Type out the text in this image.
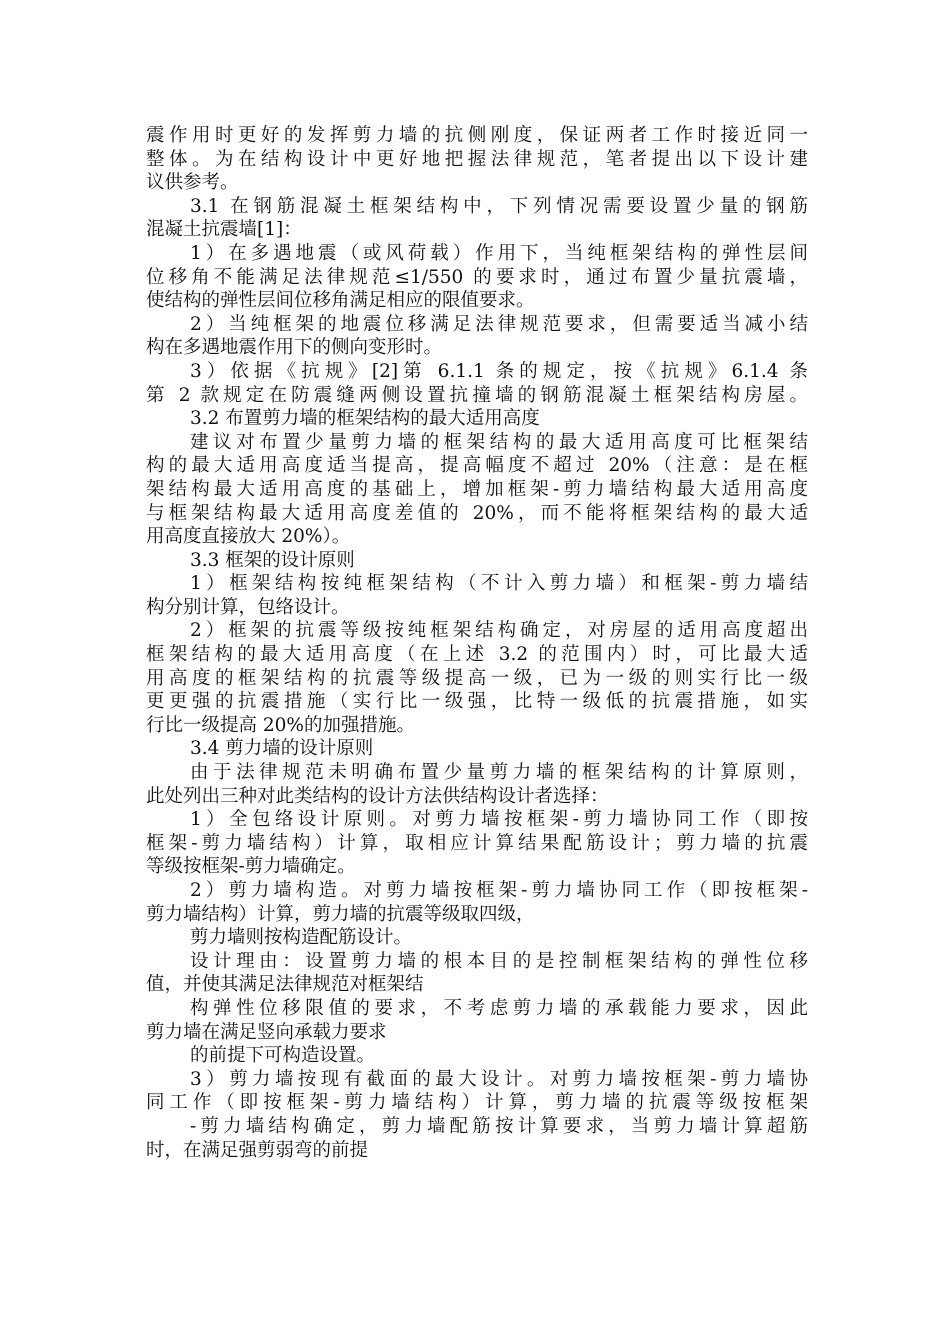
震作用时更好的发挥剪力墙的抗侧刚度，保证两者工作时接近同一
整体。为在结构设计中更好地把握法律规范，笔者提出以下设计建
议供参考。
3.1 在钢筋混凝土框架结构中，下列情况需要设置少量的钢筋
混凝土抗震墙[1]：
1）在多遇地震（或风荷载）作用下，当纯框架结构的弹性层间
位移角不能满足法律规范≤1/550 的要求时，通过布置少量抗震墙，
使结构的弹性层间位移角满足相应的限值要求。
2）当纯框架的地震位移满足法律规范要求，但需要适当减小结
构在多遇地震作用下的侧向变形时。
3）依据《抗规》[2]第 6.1.1 条的规定，按《抗规》6.1.4 条
第 2 款规定在防震缝两侧设置抗撞墙的钢筋混凝土框架结构房屋。
3.2 布置剪力墙的框架结构的最大适用高度
建议对布置少量剪力墙的框架结构的最大适用高度可比框架结
构的最大适用高度适当提高，提高幅度不超过 20%（注意：是在框
架结构最大适用高度的基础上，增加框架-剪力墙结构最大适用高度
与框架结构最大适用高度差值的 20%，而不能将框架结构的最大适
用高度直接放大 20%）。
3.3 框架的设计原则
1）框架结构按纯框架结构（不计入剪力墙）和框架-剪力墙结
构分别计算，包络设计。
2）框架的抗震等级按纯框架结构确定，对房屋的适用高度超出
框架结构的最大适用高度（在上述 3.2 的范围内）时，可比最大适
用高度的框架结构的抗震等级提高一级，已为一级的则实行比一级
更更强的抗震措施（实行比一级强，比特一级低的抗震措施，如实
行比一级提高 20%的加强措施。
3.4 剪力墙的设计原则
由于法律规范未明确布置少量剪力墙的框架结构的计算原则，
此处列出三种对此类结构的设计方法供结构设计者选择：
1）全包络设计原则。对剪力墙按框架-剪力墙协同工作（即按
框架-剪力墙结构）计算，取相应计算结果配筋设计；剪力墙的抗震
等级按框架-剪力墙确定。
2）剪力墙构造。对剪力墙按框架-剪力墙协同工作（即按框架-
剪力墙结构）计算，剪力墙的抗震等级取四级，
剪力墙则按构造配筋设计。
设计理由：设置剪力墙的根本目的是控制框架结构的弹性位移
值，并使其满足法律规范对框架结
构弹性位移限值的要求，不考虑剪力墙的承载能力要求，因此
剪力墙在满足竖向承载力要求
的前提下可构造设置。
3）剪力墙按现有截面的最大设计。对剪力墙按框架-剪力墙协
同工作（即按框架-剪力墙结构）计算，剪力墙的抗震等级按框架
-剪力墙结构确定，剪力墙配筋按计算要求，当剪力墙计算超筋
时，在满足强剪弱弯的前提
